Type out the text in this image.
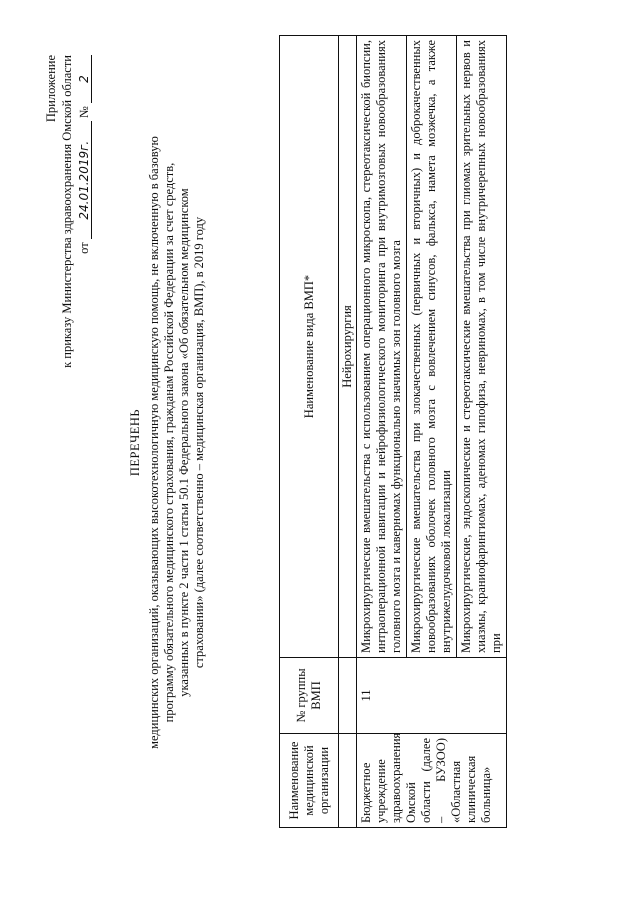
Приложение к приказу Министерства здравоохранения Омской области от 24.01.2019г. № 2
ПЕРЕЧЕНЬ медицинских организаций, оказывающих высокотехнологичную медицинскую помощь, не включенную в базовую программу обязательного медицинского страхования, гражданам Российской Федерации за счет средств, указанных в пункте 2 части 1 статьи 50.1 Федерального закона «Об обязательном медицинском страховании» (далее соответственно – медицинская организация, ВМП), в 2019 году

Наименование медицинской организации	№ группы ВМП	Наименование вида ВМП*
		Нейрохирургия
Бюджетное учреждение здравоохранения Омской области (далее – БУЗОО) «Областная клиническая больница»	11	Микрохирургические вмешательства с использованием операционного микроскопа, стереотаксической биопсии, интраоперационной навигации и нейрофизиологического мониторинга при внутримозговых новообразованиях головного мозга и каверномах функционально значимых зон головного мозга
		Микрохирургические вмешательства при злокачественных (первичных и вторичных) и доброкачественных новообразованиях оболочек головного мозга с вовлечением синусов, фалькса, намета мозжечка, а также внутрижелудочковой локализации
		Микрохирургические, эндоскопические и стереотаксические вмешательства при глиомах зрительных нервов и хиазмы, краниофарингиомах, аденомах гипофиза, невриномах, в том числе внутричерепных новообразованиях при
